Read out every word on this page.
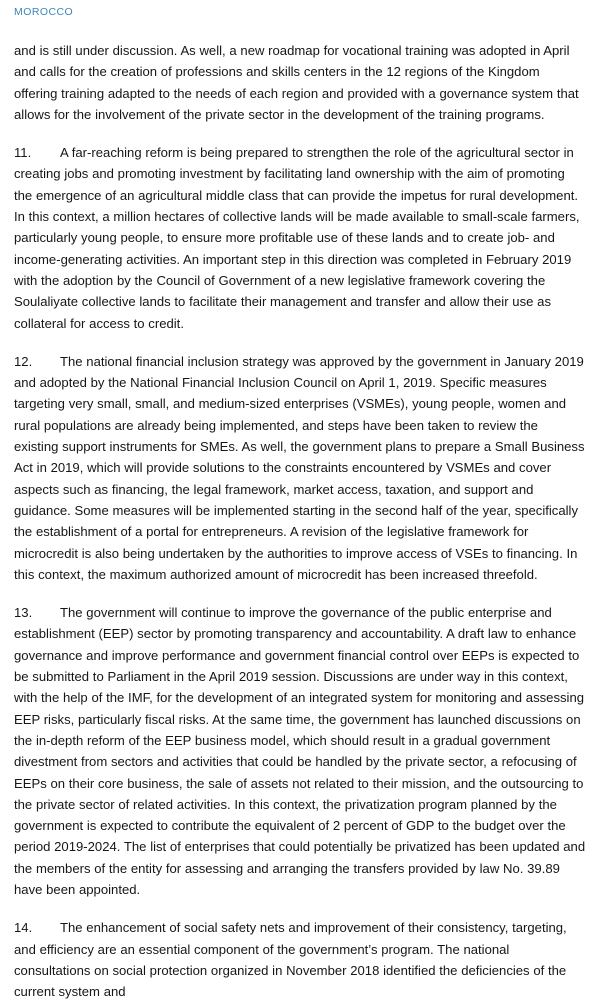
MOROCCO

and is still under discussion. As well, a new roadmap for vocational training was adopted in April and calls for the creation of professions and skills centers in the 12 regions of the Kingdom offering training adapted to the needs of each region and provided with a governance system that allows for the involvement of the private sector in the development of the training programs.

11. A far-reaching reform is being prepared to strengthen the role of the agricultural sector in creating jobs and promoting investment by facilitating land ownership with the aim of promoting the emergence of an agricultural middle class that can provide the impetus for rural development. In this context, a million hectares of collective lands will be made available to small-scale farmers, particularly young people, to ensure more profitable use of these lands and to create job- and income-generating activities. An important step in this direction was completed in February 2019 with the adoption by the Council of Government of a new legislative framework covering the Soulaliyate collective lands to facilitate their management and transfer and allow their use as collateral for access to credit.

12. The national financial inclusion strategy was approved by the government in January 2019 and adopted by the National Financial Inclusion Council on April 1, 2019. Specific measures targeting very small, small, and medium-sized enterprises (VSMEs), young people, women and rural populations are already being implemented, and steps have been taken to review the existing support instruments for SMEs. As well, the government plans to prepare a Small Business Act in 2019, which will provide solutions to the constraints encountered by VSMEs and cover aspects such as financing, the legal framework, market access, taxation, and support and guidance. Some measures will be implemented starting in the second half of the year, specifically the establishment of a portal for entrepreneurs. A revision of the legislative framework for microcredit is also being undertaken by the authorities to improve access of VSEs to financing. In this context, the maximum authorized amount of microcredit has been increased threefold.

13. The government will continue to improve the governance of the public enterprise and establishment (EEP) sector by promoting transparency and accountability. A draft law to enhance governance and improve performance and government financial control over EEPs is expected to be submitted to Parliament in the April 2019 session. Discussions are under way in this context, with the help of the IMF, for the development of an integrated system for monitoring and assessing EEP risks, particularly fiscal risks. At the same time, the government has launched discussions on the in-depth reform of the EEP business model, which should result in a gradual government divestment from sectors and activities that could be handled by the private sector, a refocusing of EEPs on their core business, the sale of assets not related to their mission, and the outsourcing to the private sector of related activities. In this context, the privatization program planned by the government is expected to contribute the equivalent of 2 percent of GDP to the budget over the period 2019-2024. The list of enterprises that could potentially be privatized has been updated and the members of the entity for assessing and arranging the transfers provided by law No. 39.89 have been appointed.

14. The enhancement of social safety nets and improvement of their consistency, targeting, and efficiency are an essential component of the government’s program. The national consultations on social protection organized in November 2018 identified the deficiencies of the current system and
